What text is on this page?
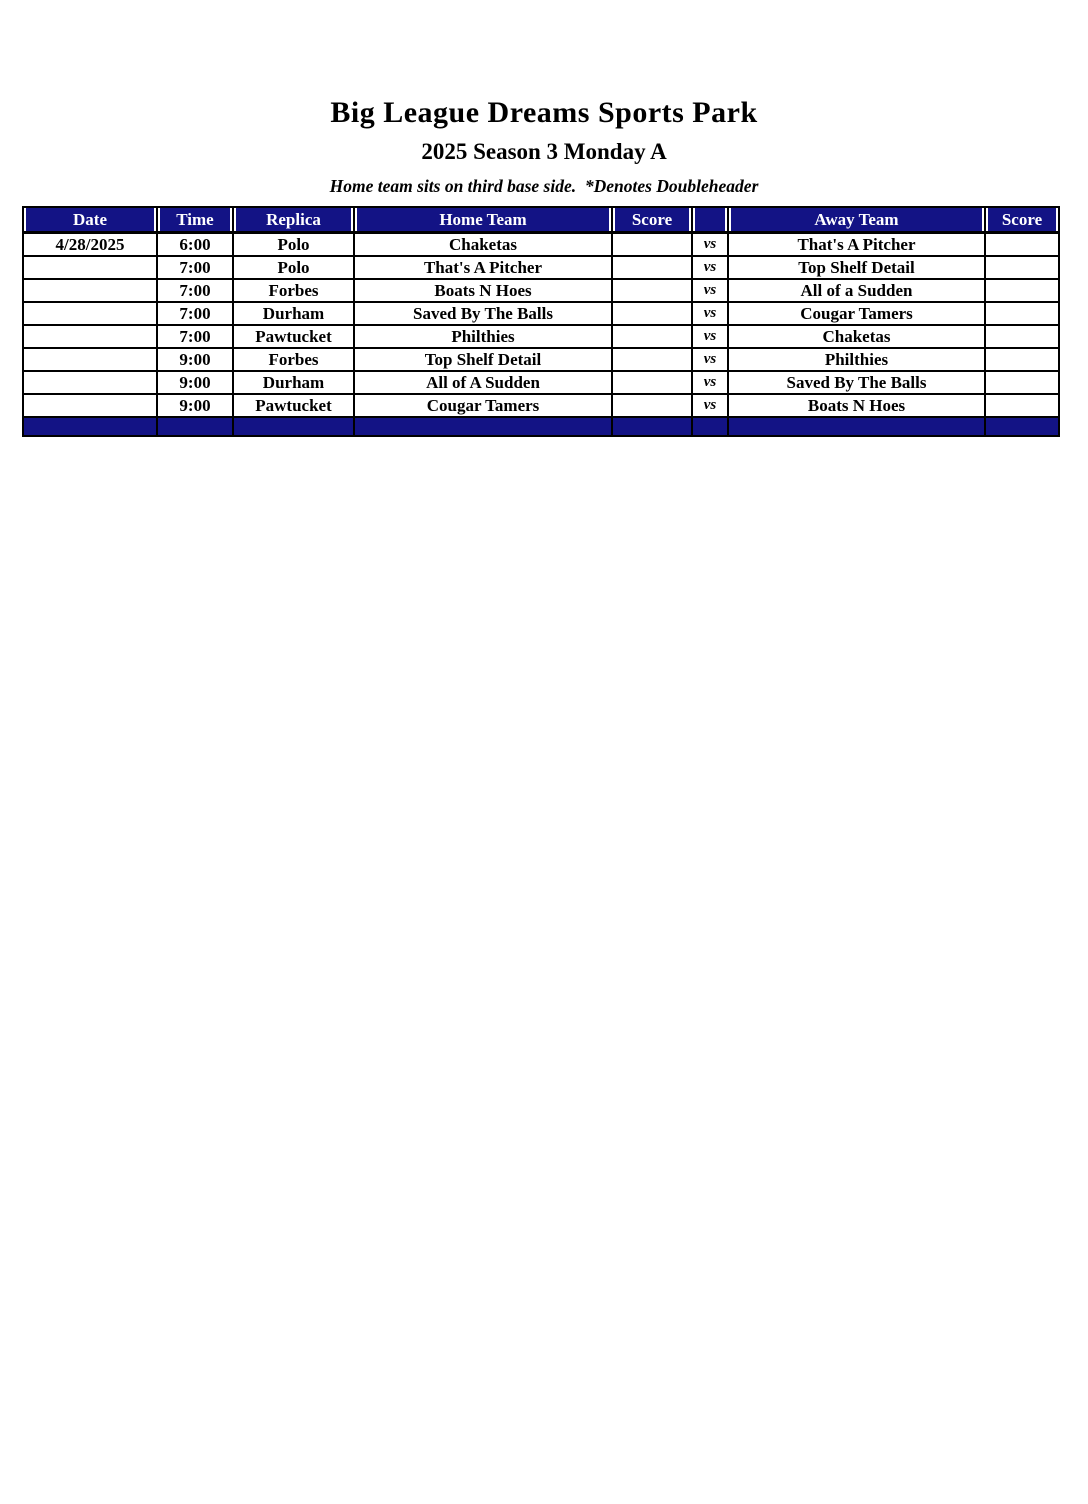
Big League Dreams Sports Park
2025 Season 3 Monday A

Home team sits on third base side.  *Denotes Doubleheader

Date	Time	Replica	Home Team	Score		Away Team	Score
4/28/2025	6:00	Polo	Chaketas		vs	That's A Pitcher	
	7:00	Polo	That's A Pitcher		vs	Top Shelf Detail	
	7:00	Forbes	Boats N Hoes		vs	All of a Sudden	
	7:00	Durham	Saved By The Balls		vs	Cougar Tamers	
	7:00	Pawtucket	Philthies		vs	Chaketas	
	9:00	Forbes	Top Shelf Detail		vs	Philthies	
	9:00	Durham	All of A Sudden		vs	Saved By The Balls	
	9:00	Pawtucket	Cougar Tamers		vs	Boats N Hoes	
